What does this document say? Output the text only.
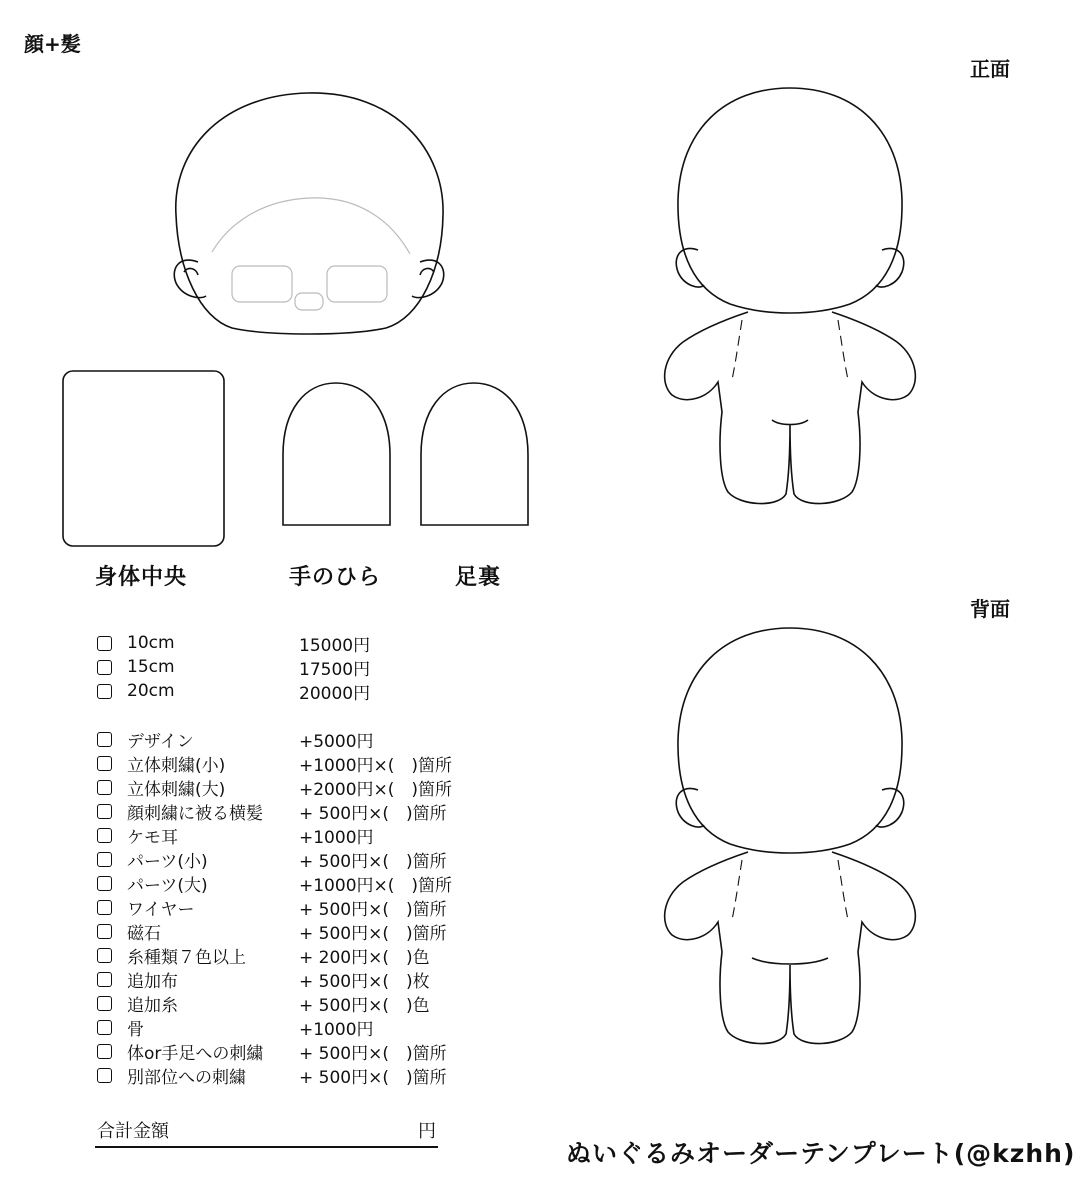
顔+髪
正面
背面
身体中央	手のひら	足裏
10cm	15000円
15cm	17500円
20cm	20000円
デザイン	+5000円
立体刺繍(小)	+1000円×(　)箇所
立体刺繍(大)	+2000円×(　)箇所
顔刺繍に被る横髪 + 500円×(　)箇所
ケモ耳	+1000円
パーツ(小)	+ 500円×(　)箇所
パーツ(大)	+1000円×(　)箇所
ワイヤー	+ 500円×(　)箇所
磁石	+ 500円×(　)箇所
糸種類７色以上	+ 200円×(　)色
追加布	+ 500円×(　)枚
追加糸	+ 500円×(　)色
骨	+1000円
体or手足への刺繍 + 500円×(　)箇所
別部位への刺繍	+ 500円×(　)箇所
合計金額	円
ぬいぐるみオーダーテンプレート(@kzhh)
